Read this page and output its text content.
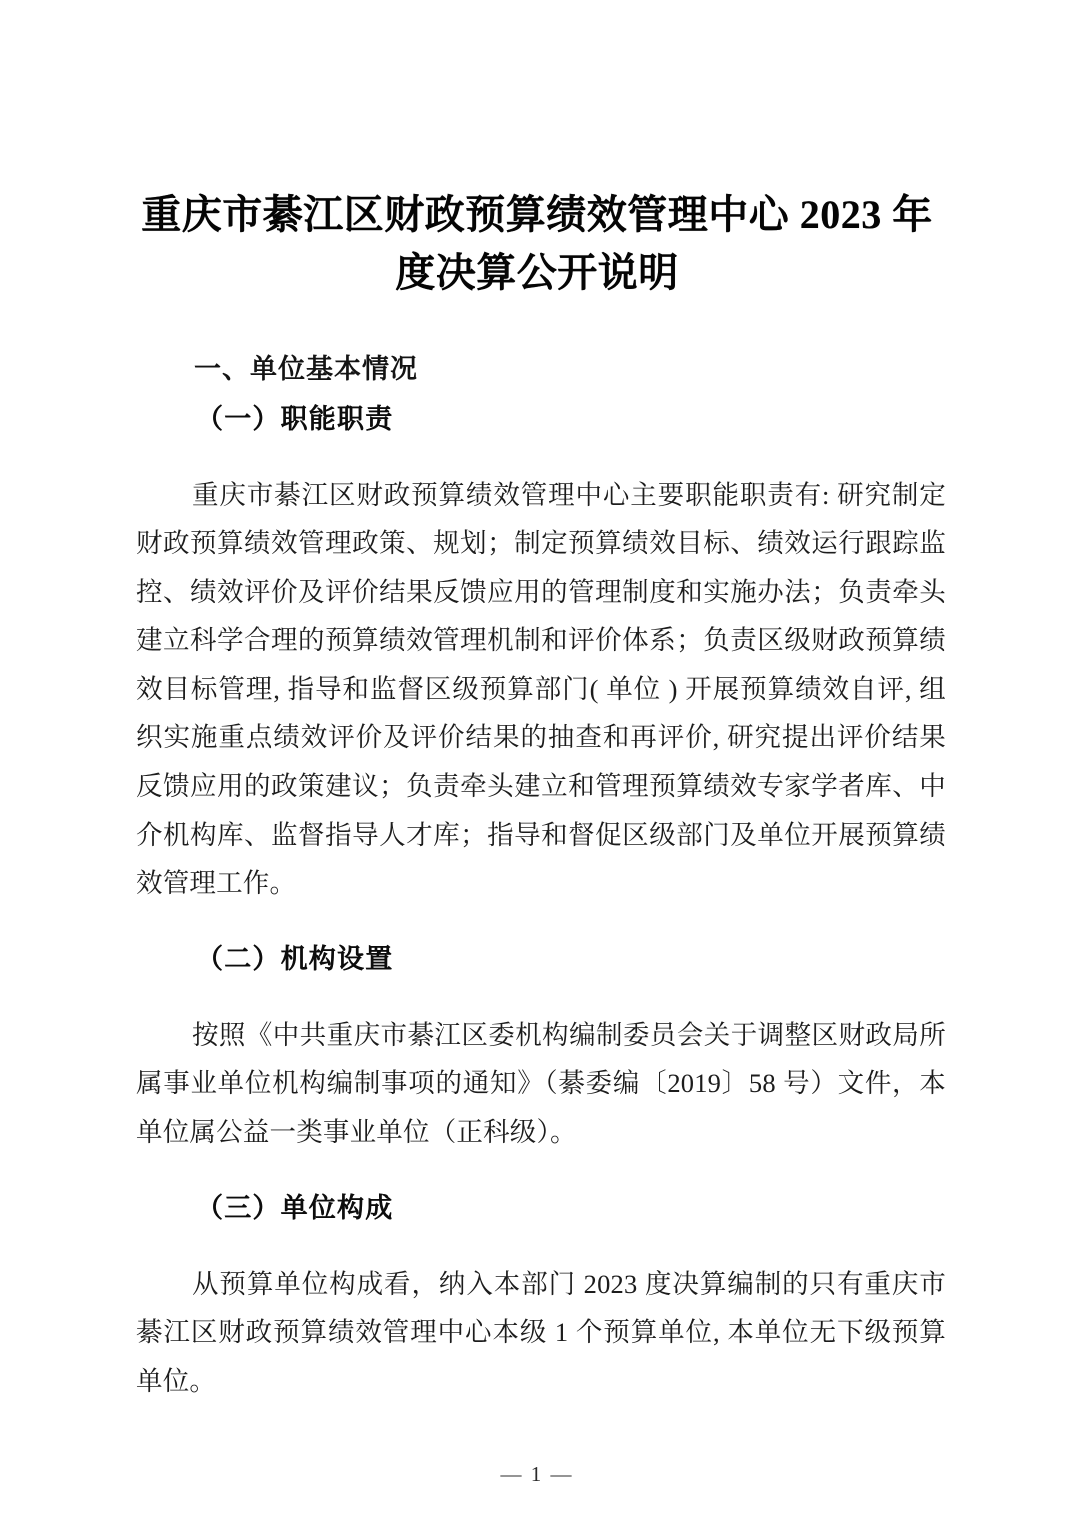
重庆市綦江区财政预算绩效管理中心 2023 年
度决算公开说明
一、单位基本情况
（一）职能职责

重庆市綦江区财政预算绩效管理中心主要职能职责有: 研究制定财政预算绩效管理政策、规划；制定预算绩效目标、绩效运行跟踪监控、绩效评价及评价结果反馈应用的管理制度和实施办法；负责牵头建立科学合理的预算绩效管理机制和评价体系；负责区级财政预算绩效目标管理, 指导和监督区级预算部门( 单位 ) 开展预算绩效自评, 组织实施重点绩效评价及评价结果的抽查和再评价, 研究提出评价结果反馈应用的政策建议；负责牵头建立和管理预算绩效专家学者库、中介机构库、监督指导人才库；指导和督促区级部门及单位开展预算绩效管理工作。

（二）机构设置

按照《中共重庆市綦江区委机构编制委员会关于调整区财政局所属事业单位机构编制事项的通知》（綦委编〔2019〕58 号）文件，本单位属公益一类事业单位（正科级）。

（三）单位构成

从预算单位构成看，纳入本部门 2023 度决算编制的只有重庆市綦江区财政预算绩效管理中心本级 1 个预算单位, 本单位无下级预算单位。

— 1 —
